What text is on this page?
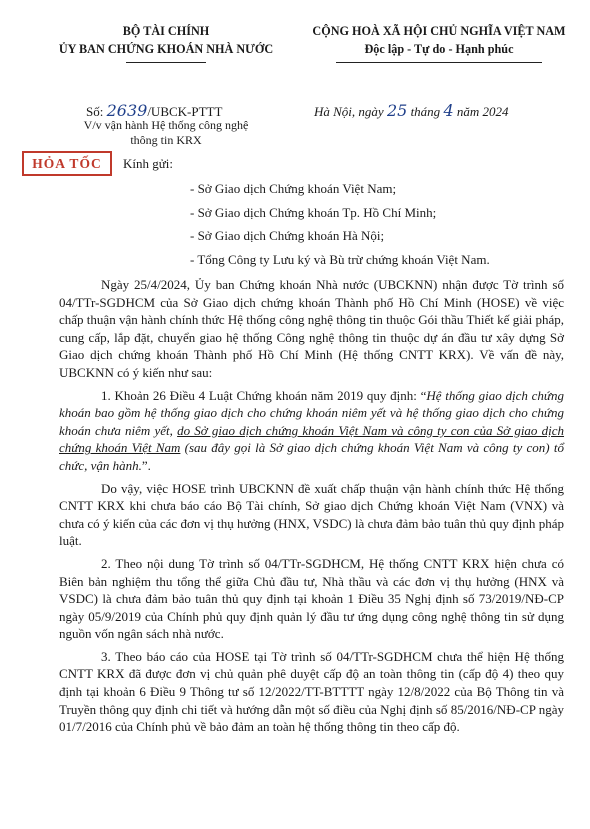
BỘ TÀI CHÍNH
ỦY BAN CHỨNG KHOÁN NHÀ NƯỚC
CỘNG HOÀ XÃ HỘI CHỦ NGHĨA VIỆT NAM
Độc lập - Tự do - Hạnh phúc
Số: 2639/UBCK-PTTT
V/v vận hành Hệ thống công nghệ
thông tin KRX
Hà Nội, ngày 25 tháng 4 năm 2024
HỎA TỐC	Kính gửi:
- Sở Giao dịch Chứng khoán Việt Nam;
- Sở Giao dịch Chứng khoán Tp. Hồ Chí Minh;
- Sở Giao dịch Chứng khoán Hà Nội;
- Tổng Công ty Lưu ký và Bù trừ chứng khoán Việt Nam.

Ngày 25/4/2024, Ủy ban Chứng khoán Nhà nước (UBCKNN) nhận được Tờ trình số 04/TTr-SGDHCM của Sở Giao dịch chứng khoán Thành phố Hồ Chí Minh (HOSE) về việc chấp thuận vận hành chính thức Hệ thống công nghệ thông tin thuộc Gói thầu Thiết kế giải pháp, cung cấp, lắp đặt, chuyển giao hệ thống Công nghệ thông tin thuộc dự án đầu tư xây dựng Sở Giao dịch chứng khoán Thành phố Hồ Chí Minh (Hệ thống CNTT KRX). Về vấn đề này, UBCKNN có ý kiến như sau:

1. Khoản 26 Điều 4 Luật Chứng khoán năm 2019 quy định: “Hệ thống giao dịch chứng khoán bao gồm hệ thống giao dịch cho chứng khoán niêm yết và hệ thống giao dịch cho chứng khoán chưa niêm yết, do Sở giao dịch chứng khoán Việt Nam và công ty con của Sở giao dịch chứng khoán Việt Nam (sau đây gọi là Sở giao dịch chứng khoán Việt Nam và công ty con) tổ chức, vận hành.”.

Do vậy, việc HOSE trình UBCKNN đề xuất chấp thuận vận hành chính thức Hệ thống CNTT KRX khi chưa báo cáo Bộ Tài chính, Sở giao dịch Chứng khoán Việt Nam (VNX) và chưa có ý kiến của các đơn vị thụ hưởng (HNX, VSDC) là chưa đảm bảo tuân thủ quy định pháp luật.

2. Theo nội dung Tờ trình số 04/TTr-SGDHCM, Hệ thống CNTT KRX hiện chưa có Biên bản nghiệm thu tổng thể giữa Chủ đầu tư, Nhà thầu và các đơn vị thụ hưởng (HNX và VSDC) là chưa đảm bảo tuân thủ quy định tại khoản 1 Điều 35 Nghị định số 73/2019/NĐ-CP ngày 05/9/2019 của Chính phủ quy định quản lý đầu tư ứng dụng công nghệ thông tin sử dụng nguồn vốn ngân sách nhà nước.

3. Theo báo cáo của HOSE tại Tờ trình số 04/TTr-SGDHCM chưa thể hiện Hệ thống CNTT KRX đã được đơn vị chủ quản phê duyệt cấp độ an toàn thông tin (cấp độ 4) theo quy định tại khoản 6 Điều 9 Thông tư số 12/2022/TT-BTTTT ngày 12/8/2022 của Bộ Thông tin và Truyền thông quy định chi tiết và hướng dẫn một số điều của Nghị định số 85/2016/NĐ-CP ngày 01/7/2016 của Chính phủ về bảo đảm an toàn hệ thống thông tin theo cấp độ.
